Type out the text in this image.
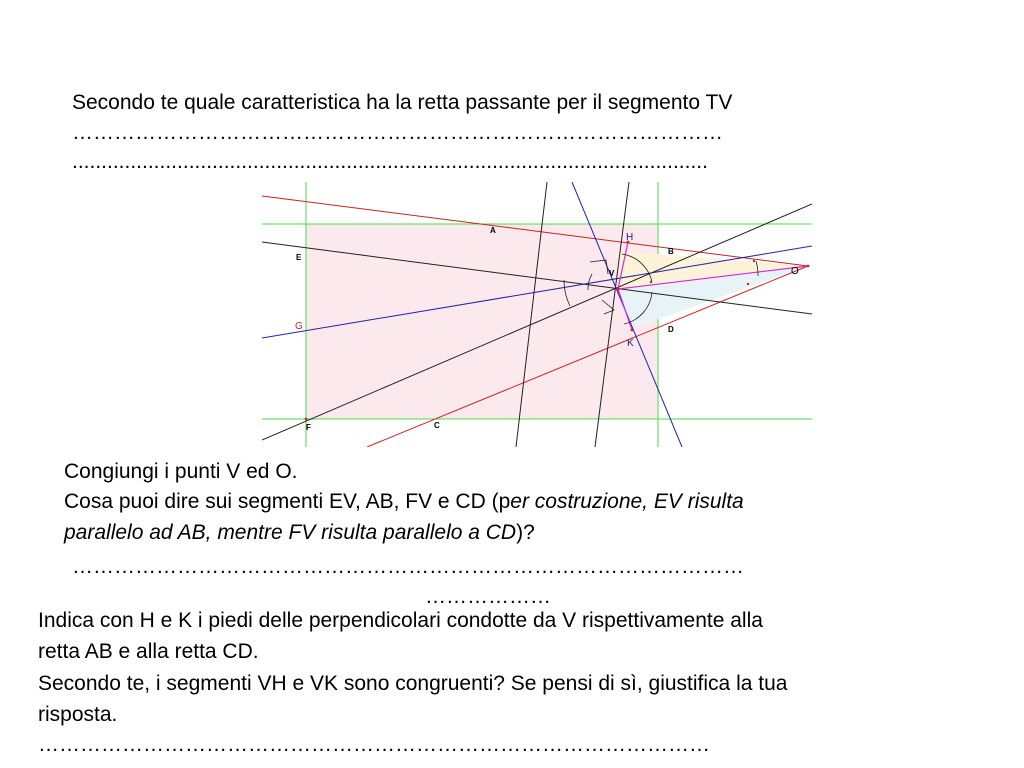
Secondo te quale caratteristica ha la retta passante per il segmento TV
…………………………………………………………………………………
.............................................................................................................
A
B
C
D
E
F
G
H
K
O
V
Congiungi i punti V ed O.
Cosa puoi dire sui segmenti EV, AB, FV e CD (per costruzione, EV risulta
parallelo ad AB, mentre FV risulta parallelo a CD)?
……………………………………………………………………………………
………………
Indica con H e K i piedi delle perpendicolari condotte da V rispettivamente alla
retta AB e alla retta CD.
Secondo te, i segmenti VH e VK sono congruenti? Se pensi di sì, giustifica la tua
risposta.
……………………………………………………………………………………
